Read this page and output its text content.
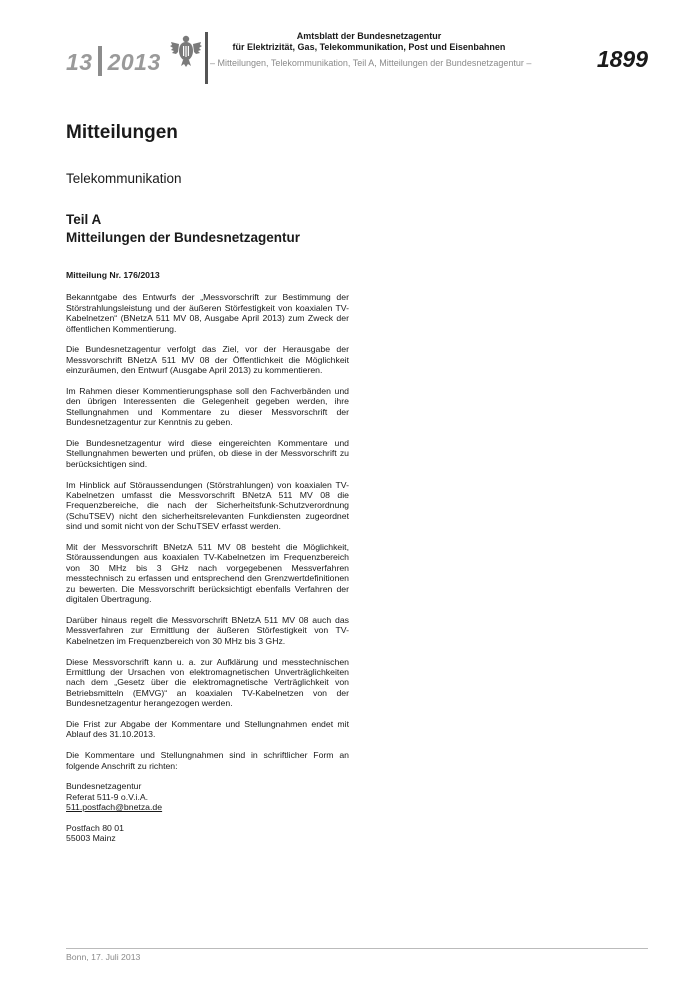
13 2013
Amtsblatt der Bundesnetzagentur
für Elektrizität, Gas, Telekommunikation, Post und Eisenbahnen
– Mitteilungen, Telekommunikation, Teil A, Mitteilungen der Bundesnetzagentur –	1899
Mitteilungen
Telekommunikation
Teil A
Mitteilungen der Bundesnetzagentur
Mitteilung Nr. 176/2013

Bekanntgabe des Entwurfs der „Messvorschrift zur Bestimmung der Störstrahlungsleistung und der äußeren Störfestigkeit von koaxialen TV-Kabelnetzen“ (BNetzA 511 MV 08, Ausgabe April 2013) zum Zweck der öffentlichen Kommentierung.

Die Bundesnetzagentur verfolgt das Ziel, vor der Herausgabe der Messvorschrift BNetzA 511 MV 08 der Öffentlichkeit die Möglichkeit einzuräumen, den Entwurf (Ausgabe April 2013) zu kommentieren.

Im Rahmen dieser Kommentierungsphase soll den Fachverbänden und den übrigen Interessenten die Gelegenheit gegeben werden, ihre Stellungnahmen und Kommentare zu dieser Messvorschrift der Bundesnetzagentur zur Kenntnis zu geben.

Die Bundesnetzagentur wird diese eingereichten Kommentare und Stellungnahmen bewerten und prüfen, ob diese in der Messvorschrift zu berücksichtigen sind.

Im Hinblick auf Störaussendungen (Störstrahlungen) von koaxialen TV-Kabelnetzen umfasst die Messvorschrift BNetzA 511 MV 08 die Frequenzbereiche, die nach der Sicherheitsfunk-Schutzverordnung (SchuTSEV) nicht den sicherheitsrelevanten Funkdiensten zugeordnet sind und somit nicht von der SchuTSEV erfasst werden.

Mit der Messvorschrift BNetzA 511 MV 08 besteht die Möglichkeit, Störaussendungen aus koaxialen TV-Kabelnetzen im Frequenzbereich von 30 MHz bis 3 GHz nach vorgegebenen Messverfahren messtechnisch zu erfassen und entsprechend den Grenzwertdefinitionen zu bewerten. Die Messvorschrift berücksichtigt ebenfalls Verfahren der digitalen Übertragung.

Darüber hinaus regelt die Messvorschrift BNetzA 511 MV 08 auch das Messverfahren zur Ermittlung der äußeren Störfestigkeit von TV-Kabelnetzen im Frequenzbereich von 30 MHz bis 3 GHz.

Diese Messvorschrift kann u. a. zur Aufklärung und messtechnischen Ermittlung der Ursachen von elektromagnetischen Unverträglichkeiten nach dem „Gesetz über die elektromagnetische Verträglichkeit von Betriebsmitteln (EMVG)“ an koaxialen TV-Kabelnetzen von der Bundesnetzagentur herangezogen werden.

Die Frist zur Abgabe der Kommentare und Stellungnahmen endet mit Ablauf des 31.10.2013.

Die Kommentare und Stellungnahmen sind in schriftlicher Form an folgende Anschrift zu richten:

Bundesnetzagentur
Referat 511-9 o.V.i.A.
511.postfach@bnetza.de
Postfach 80 01
55003 Mainz
Bonn, 17. Juli 2013
